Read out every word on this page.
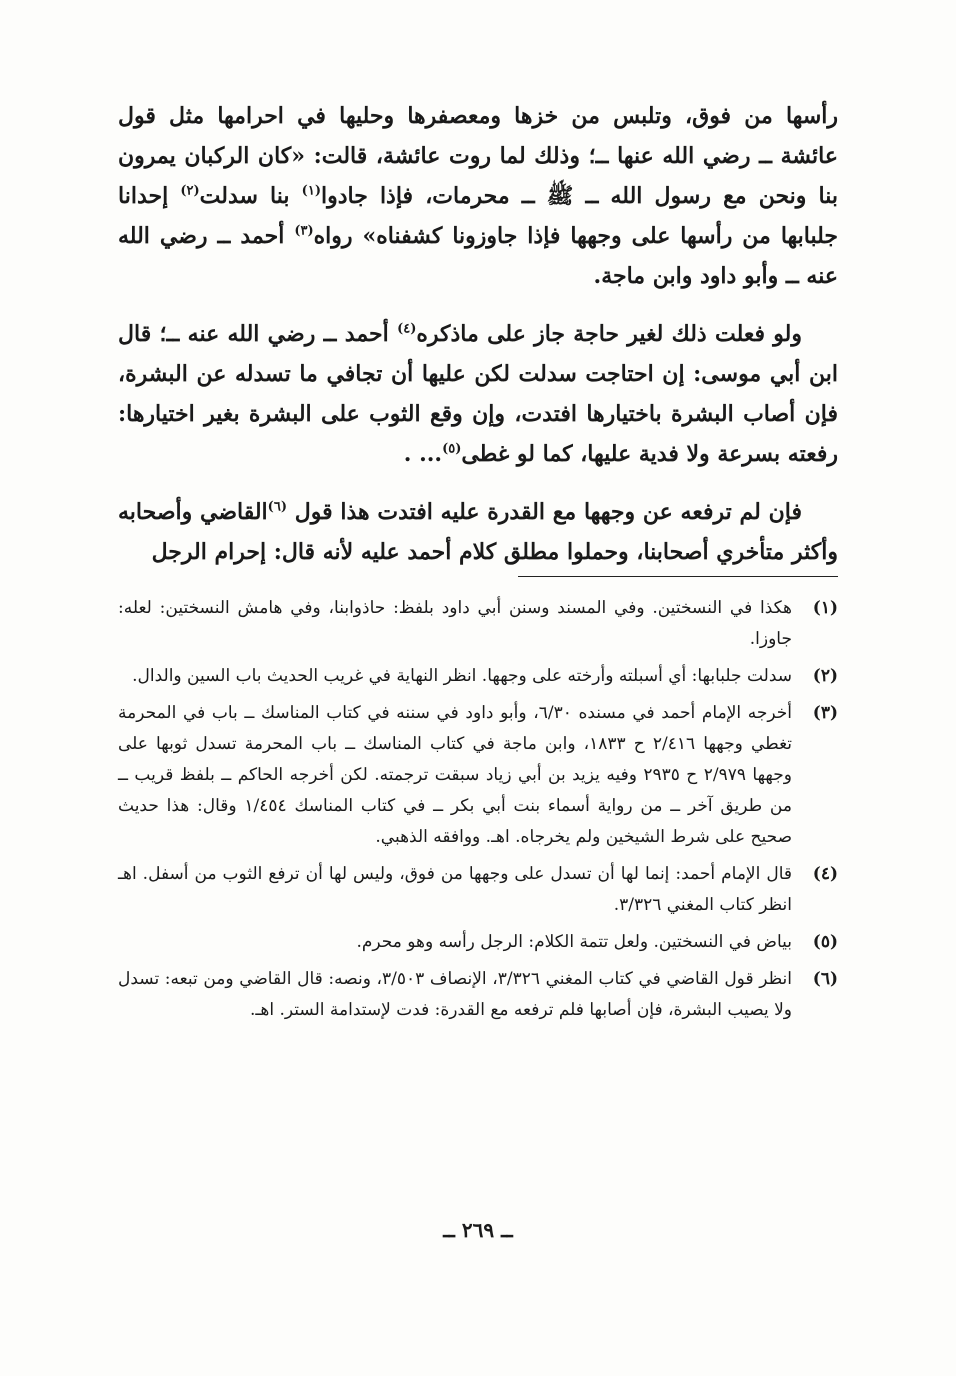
رأسها من فوق، وتلبس من خزها ومعصفرها وحليها في احرامها مثل قول عائشة ــ رضي الله عنها ــ؛ وذلك لما روت عائشة، قالت: «كان الركبان يمرون بنا ونحن مع رسول الله ــ ﷺ ــ محرمات، فإذا جادوا$^{(١)}$ بنا سدلت$^{(٢)}$ إحدانا جلبابها من رأسها على وجهها فإذا جاوزونا كشفناه» رواه$^{(٣)}$ أحمد ــ رضي الله عنه ــ وأبو داود وابن ماجة.

ولو فعلت ذلك لغير حاجة جاز على ماذكره$^{(٤)}$ أحمد ــ رضي الله عنه ــ؛ قال ابن أبي موسى: إن احتاجت سدلت لكن عليها أن تجافي ما تسدله عن البشرة، فإن أصاب البشرة باختيارها افتدت، وإن وقع الثوب على البشرة بغير اختيارها: رفعته بسرعة ولا فدية عليها، كما لو غطى$^{(٥)}$... .

فإن لم ترفعه عن وجهها مع القدرة عليه افتدت هذا قول $^{(٦)}$القاضي وأصحابه وأكثر متأخري أصحابنا، وحملوا مطلق كلام أحمد عليه لأنه قال: إحرام الرجل

(١)
هكذا في النسختين. وفي المسند وسنن أبي داود بلفظ: حاذوابنا، وفي هامش النسختين: لعله: جاوزا.
(٢)
سدلت جلبابها: أي أسبلته وأرخته على وجهها. انظر النهاية في غريب الحديث باب السين والدال.
(٣)
أخرجه الإمام أحمد في مسنده ٦/٣٠، وأبو داود في سننه في كتاب المناسك ــ باب في المحرمة تغطي وجهها ٢/٤١٦ ح ١٨٣٣، وابن ماجة في كتاب المناسك ــ باب المحرمة تسدل ثوبها على وجهها ٢/٩٧٩ ح ٢٩٣٥ وفيه يزيد بن أبي زياد سبقت ترجمته. لكن أخرجه الحاكم ــ بلفظ قريب ــ من طريق آخر ــ من رواية أسماء بنت أبي بكر ــ في كتاب المناسك ١/٤٥٤ وقال: هذا حديث صحيح على شرط الشيخين ولم يخرجاه. اهـ. ووافقه الذهبي.
(٤)
قال الإمام أحمد: إنما لها أن تسدل على وجهها من فوق، وليس لها أن ترفع الثوب من أسفل. اهـ انظر كتاب المغني ٣/٣٢٦.
(٥)
بياض في النسختين. ولعل تتمة الكلام: الرجل رأسه وهو محرم.
(٦)
انظر قول القاضي في كتاب المغني ٣/٣٢٦، الإنصاف ٣/٥٠٣، ونصه: قال القاضي ومن تبعه: تسدل ولا يصيب البشرة، فإن أصابها فلم ترفعه مع القدرة: فدت لإستدامة الستر. اهـ.
ــ ٢٦٩ ــ
